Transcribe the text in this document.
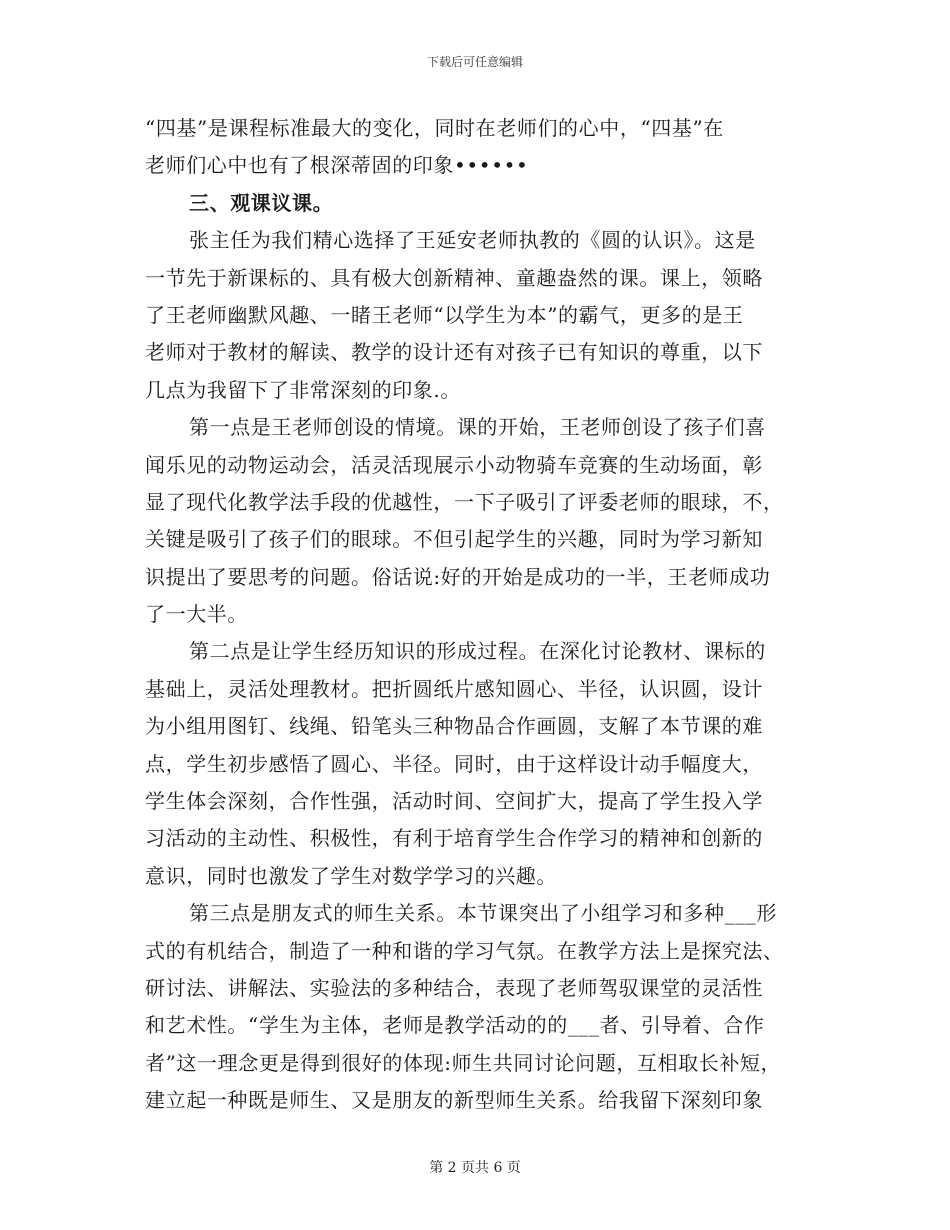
下载后可任意编辑
“四基”是课程标准最大的变化，同时在老师们的心中，“四基”在
老师们心中也有了根深蒂固的印象••••••
三、观课议课。
张主任为我们精心选择了王延安老师执教的《圆的认识》。这是
一节先于新课标的、具有极大创新精神、童趣盎然的课。课上，领略
了王老师幽默风趣、一睹王老师“以学生为本”的霸气，更多的是王
老师对于教材的解读、教学的设计还有对孩子已有知识的尊重，以下
几点为我留下了非常深刻的印象.。
第一点是王老师创设的情境。课的开始，王老师创设了孩子们喜
闻乐见的动物运动会，活灵活现展示小动物骑车竞赛的生动场面，彰
显了现代化教学法手段的优越性，一下子吸引了评委老师的眼球，不，
关键是吸引了孩子们的眼球。不但引起学生的兴趣，同时为学习新知
识提出了要思考的问题。俗话说:好的开始是成功的一半，王老师成功
了一大半。
第二点是让学生经历知识的形成过程。在深化讨论教材、课标的
基础上，灵活处理教材。把折圆纸片感知圆心、半径，认识圆，设计
为小组用图钉、线绳、铅笔头三种物品合作画圆，支解了本节课的难
点，学生初步感悟了圆心、半径。同时，由于这样设计动手幅度大，
学生体会深刻，合作性强，活动时间、空间扩大，提高了学生投入学
习活动的主动性、积极性，有利于培育学生合作学习的精神和创新的
意识，同时也激发了学生对数学学习的兴趣。
第三点是朋友式的师生关系。本节课突出了小组学习和多种___形
式的有机结合，制造了一种和谐的学习气氛。在教学方法上是探究法、
研讨法、讲解法、实验法的多种结合，表现了老师驾驭课堂的灵活性
和艺术性。“学生为主体，老师是教学活动的的___者、引导着、合作
者”这一理念更是得到很好的体现:师生共同讨论问题，互相取长补短，
建立起一种既是师生、又是朋友的新型师生关系。给我留下深刻印象
第 2 页共 6 页
